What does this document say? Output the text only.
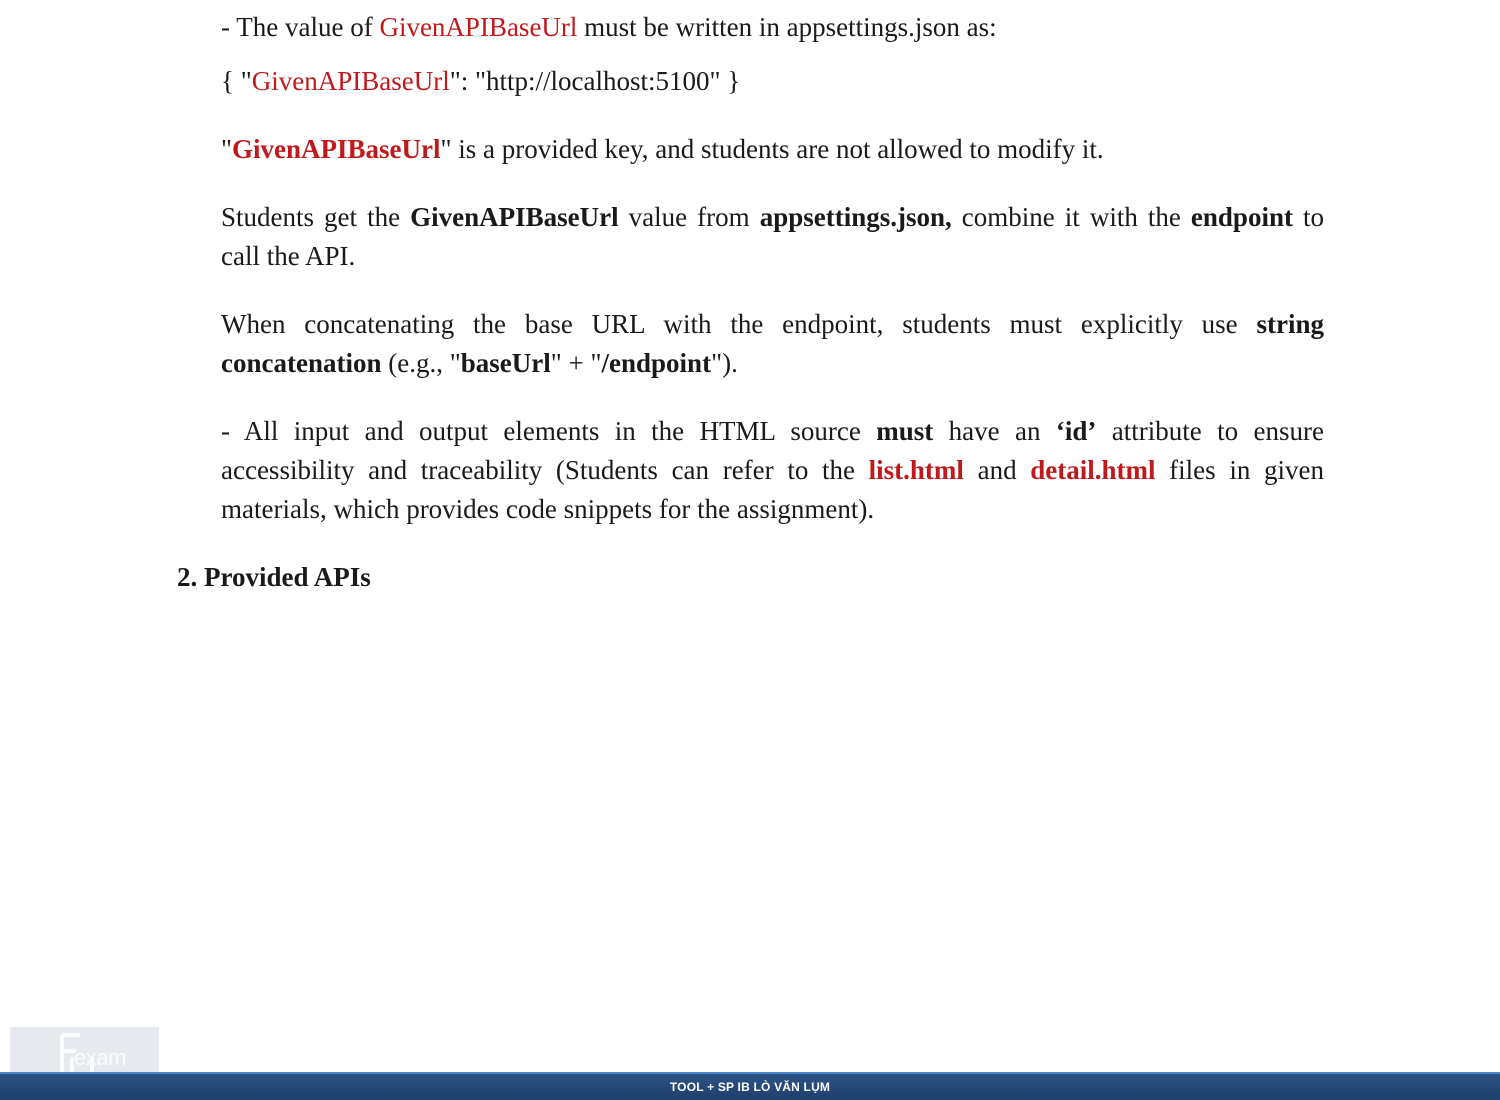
- The value of GivenAPIBaseUrl must be written in appsettings.json as:

{ "GivenAPIBaseUrl": "http://localhost:5100" }

"GivenAPIBaseUrl" is a provided key, and students are not allowed to modify it.

Students get the GivenAPIBaseUrl value from appsettings.json, combine it with the endpoint to call the API.

When concatenating the base URL with the endpoint, students must explicitly use string concatenation (e.g., "baseUrl" + "/endpoint").

- All input and output elements in the HTML source must have an ‘id’ attribute to ensure accessibility and traceability (Students can refer to the list.html and detail.html files in given materials, which provides code snippets for the assignment).

2. Provided APIs
exam
TOOL + SP IB LÒ VĂN LỤM
